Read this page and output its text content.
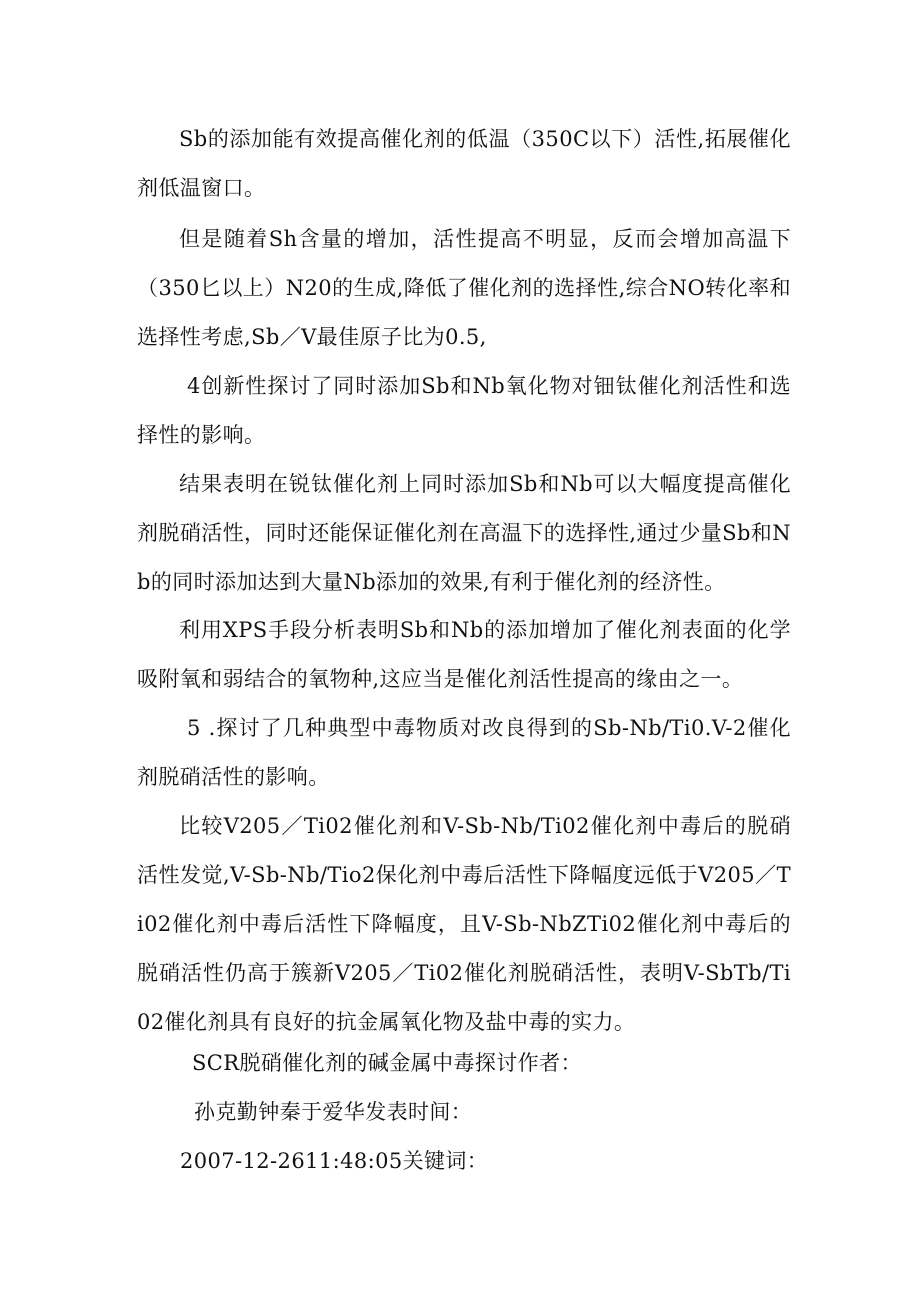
Sb的添加能有效提高催化剂的低温（350C以下）活性,拓展催化剂低温窗口。

但是随着Sh含量的增加，活性提高不明显，反而会增加高温下（350匕以上）N20的生成,降低了催化剂的选择性,综合NO转化率和选择性考虑,Sb／V最佳原子比为0.5,

4创新性探讨了同时添加Sb和Nb氧化物对钿钛催化剂活性和选择性的影响。

结果表明在锐钛催化剂上同时添加Sb和Nb可以大幅度提高催化剂脱硝活性，同时还能保证催化剂在高温下的选择性,通过少量Sb和Nb的同时添加达到大量Nb添加的效果,有利于催化剂的经济性。

利用XPS手段分析表明Sb和Nb的添加增加了催化剂表面的化学吸附氧和弱结合的氧物种,这应当是催化剂活性提高的缘由之一。

5 .探讨了几种典型中毒物质对改良得到的Sb-Nb/Ti0.V-2催化剂脱硝活性的影响。

比较V205／Ti02催化剂和V-Sb-Nb/Ti02催化剂中毒后的脱硝活性发觉,V-Sb-Nb/Tio2保化剂中毒后活性下降幅度远低于V205／Ti02催化剂中毒后活性下降幅度，且V-Sb-NbZTi02催化剂中毒后的脱硝活性仍高于簇新V205／Ti02催化剂脱硝活性，表明V-SbTb/Ti02催化剂具有良好的抗金属氧化物及盐中毒的实力。

SCR脱硝催化剂的碱金属中毒探讨作者：

孙克勤钟秦于爱华发表时间：

2007-12-2611:48:05关键词：
